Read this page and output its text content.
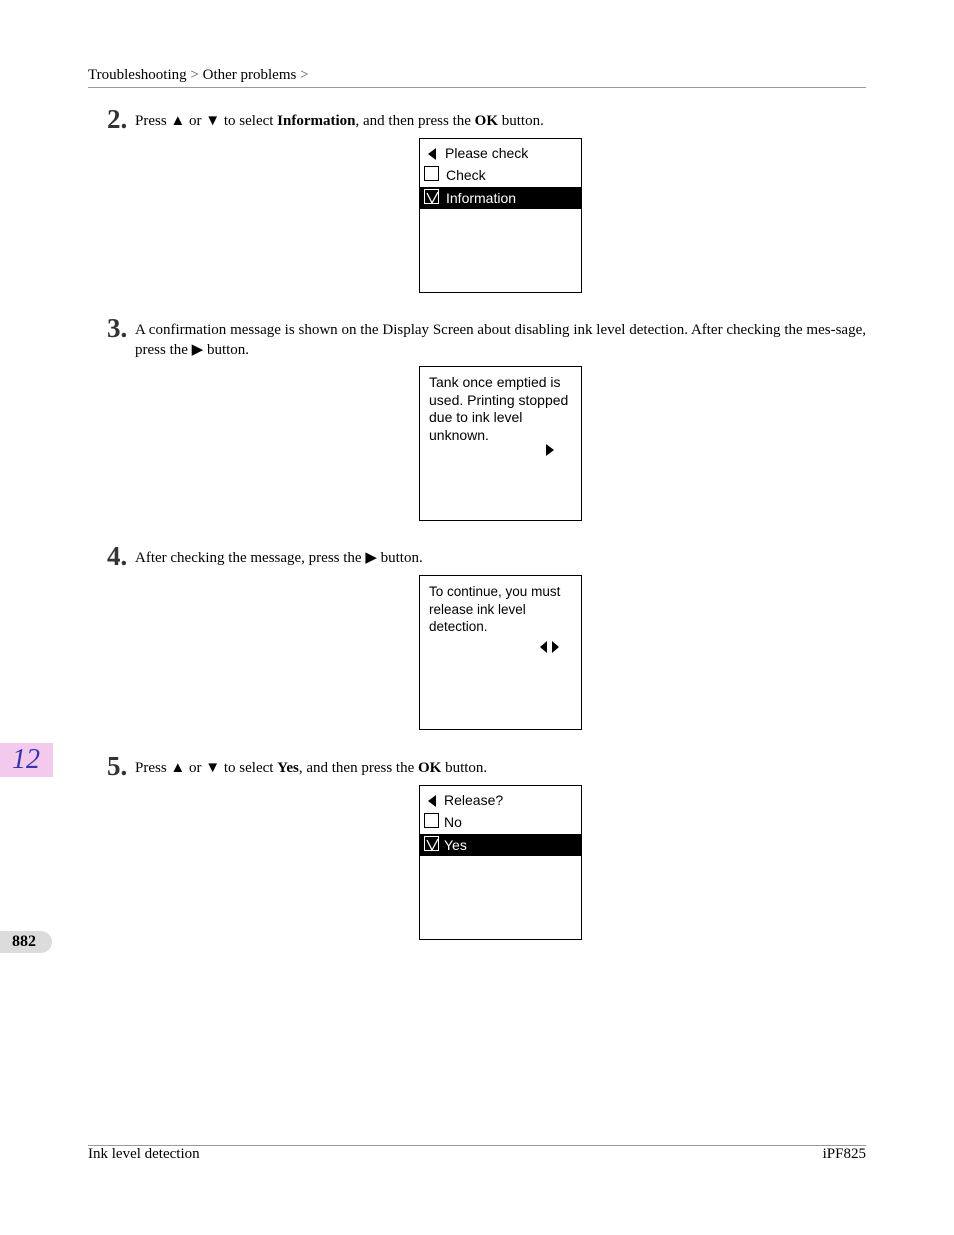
Troubleshooting > Other problems >
2. Press ▲ or ▼ to select Information, and then press the OK button.
Please check
Check
Information
3. A confirmation message is shown on the Display Screen about disabling ink level detection. After checking the mes-sage, press the ▶ button.
Tank once emptied is used. Printing stopped due to ink level unknown.
4. After checking the message, press the ▶ button.
To continue, you must release ink level detection.
5. Press ▲ or ▼ to select Yes, and then press the OK button.
Release?
No
Yes
12
882
Ink level detection	iPF825
